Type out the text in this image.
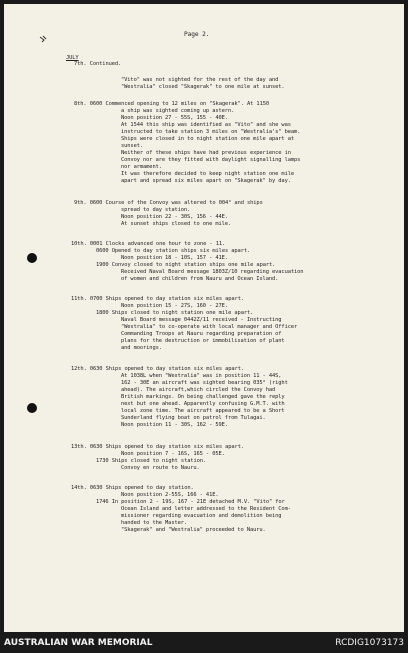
Page 2.
JULY
7th. Continued.
"Vito" was not sighted for the rest of the day and
"Westralia" closed "Skagerak" to one mile at sunset.
8th. 0600 Commenced opening to 12 miles on "Skagerak". At 1150
a ship was sighted coming up astern.
Noon position 27 - 55S, 155 - 40E.
At 1544 this ship was identified as "Vito" and she was
instructed to take station 3 miles on "Westralia's" beam.
Ships were closed in to night station one mile apart at
sunset.
Neither of these ships have had previous experience in
Convoy nor are they fitted with daylight signalling lamps
nor armament.
It was therefore decided to keep night station one mile
apart and spread six miles apart on "Skagerak" by day.
9th. 0600 Course of the Convoy was altered to 004° and ships
spread to day station.
Noon position 22 - 30S, 156 - 44E.
At sunset ships closed to one mile.
10th. 0001 Clocks advanced one hour to zone - 11.
0600 Opened to day station ships six miles apart.
Noon position 18 - 10S, 157 - 41E.
1900 Convoy closed to night station ships one mile apart.
Received Naval Board message 1803Z/10 regarding evacuation
of women and children from Nauru and Ocean Island.
11th. 0700 Ships opened to day station six miles apart.
Noon position 15 - 27S, 160 - 27E.
1800 Ships closed to night station one mile apart.
Naval Board message 0442Z/11 received - Instructing
"Westralia" to co-operate with local manager and Officer
Commanding Troops at Nauru regarding preparation of
plans for the destruction or immobilisation of plant
and moorings.
12th. 0630 Ships opened to day station six miles apart.
At 1038L when "Westralia" was in position 11 - 44S,
162 - 30E an aircraft was sighted bearing 035° (right
ahead). The aircraft,which circled the Convoy had
British markings. On being challenged gave the reply
next but one ahead. Apparently confusing G.M.T. with
local zone time. The aircraft appeared to be a Short
Sunderland flying boat on patrol from Tulagai.
Noon position 11 - 30S, 162 - 59E.
13th. 0630 Ships opened to day station six miles apart.
Noon position 7 - 16S, 165 - 05E.
1730 Ships closed to night station.
Convoy en route to Nauru.
14th. 0630 Ships opened to day station.
Noon position 2-55S, 166 - 41E.
1746 In position 2 - 19S, 167 - 21E detached M.V. "Vito" for
Ocean Island and letter addressed to the Resident Com-
missioner regarding evacuation and demolition being
handed to the Master.
"Skagerak" and "Westralia" proceeded to Nauru.
AUSTRALIAN WAR MEMORIAL	RCDIG1073173
